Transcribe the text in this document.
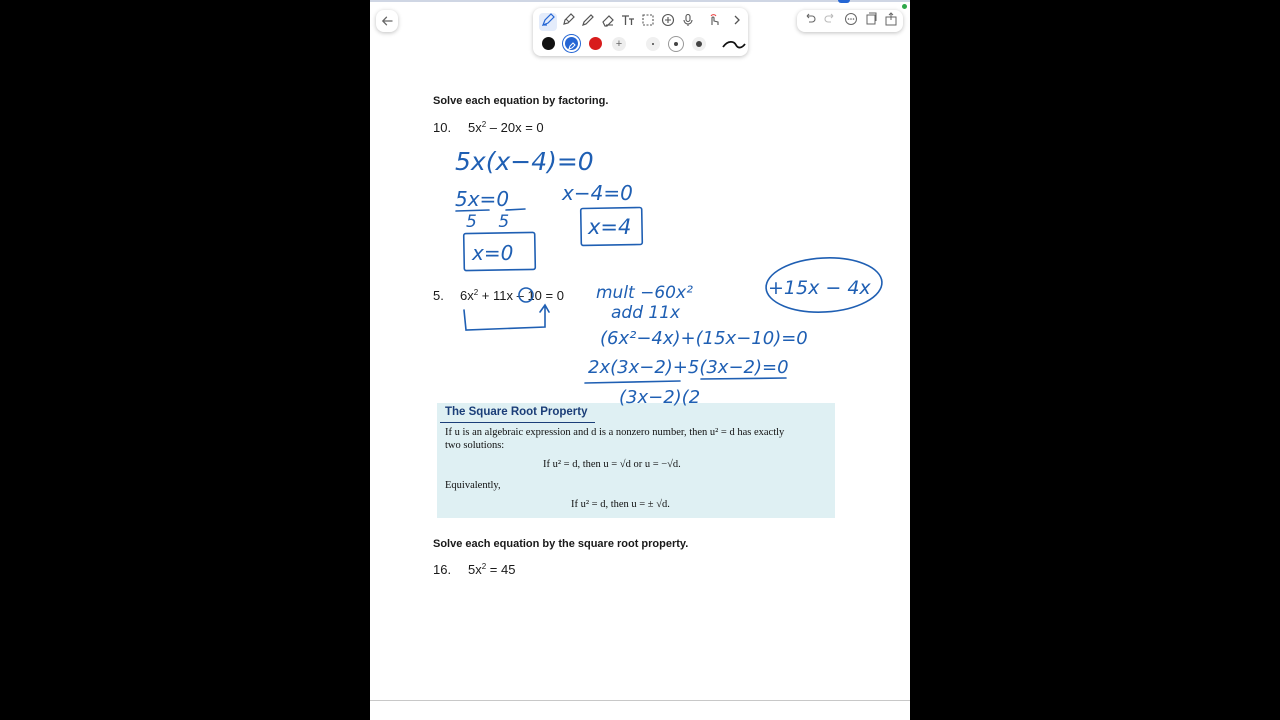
+
Solve each equation by factoring.
10. $5x^2 - 20x = 0$
5. $6x^2 + 11x - 10 = 0$
Solve each equation by the square root property.
16. $5x^2 = 45$
The Square Root Property
If u is an algebraic expression and d is a nonzero number, then u² = d has exactly
two solutions:
If u² = d, then u = √d or u = −√d.
Equivalently,
If u² = d, then u = ± √d.
5x(x−4)=0
5x=0
5    5
x=0
x−4=0
x=4
mult −60x²
add 11x
+15x − 4x
(6x²−4x)+(15x−10)=0
2x(3x−2)+5(3x−2)=0
(3x−2)(2
